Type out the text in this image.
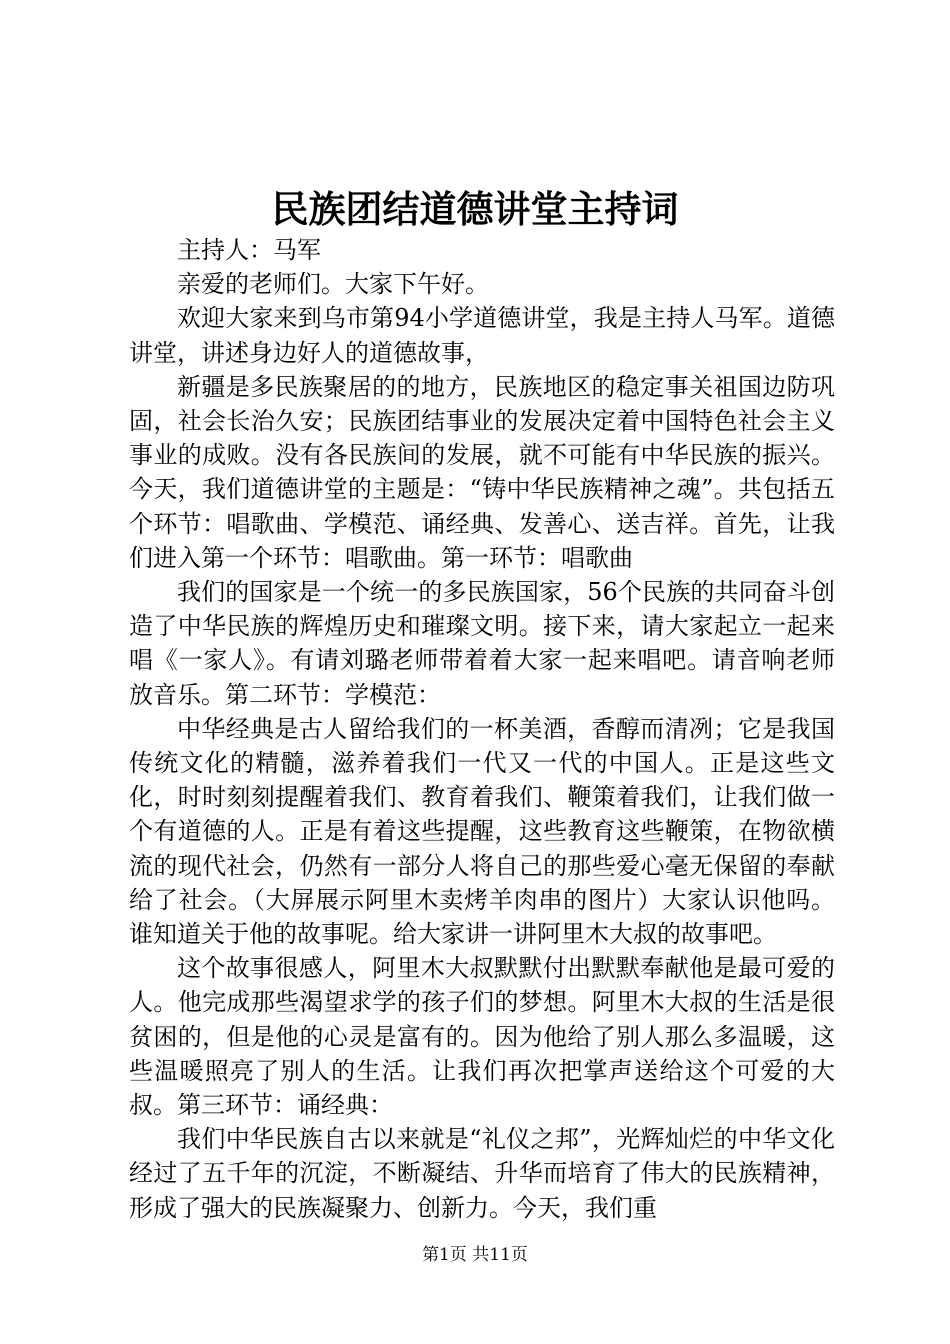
民族团结道德讲堂主持词

主持人：马军

亲爱的老师们。大家下午好。

欢迎大家来到乌市第94小学道德讲堂，我是主持人马军。道德讲堂，讲述身边好人的道德故事，

新疆是多民族聚居的的地方，民族地区的稳定事关祖国边防巩固，社会长治久安；民族团结事业的发展决定着中国特色社会主义事业的成败。没有各民族间的发展，就不可能有中华民族的振兴。今天，我们道德讲堂的主题是：“铸中华民族精神之魂”。共包括五个环节：唱歌曲、学模范、诵经典、发善心、送吉祥。首先，让我们进入第一个环节：唱歌曲。第一环节：唱歌曲

我们的国家是一个统一的多民族国家，56个民族的共同奋斗创造了中华民族的辉煌历史和璀璨文明。接下来，请大家起立一起来唱《一家人》。有请刘璐老师带着着大家一起来唱吧。请音响老师放音乐。第二环节：学模范：

中华经典是古人留给我们的一杯美酒，香醇而清冽；它是我国传统文化的精髓，滋养着我们一代又一代的中国人。正是这些文化，时时刻刻提醒着我们、教育着我们、鞭策着我们，让我们做一个有道德的人。正是有着这些提醒，这些教育这些鞭策，在物欲横流的现代社会，仍然有一部分人将自己的那些爱心毫无保留的奉献给了社会。（大屏展示阿里木卖烤羊肉串的图片）大家认识他吗。谁知道关于他的故事呢。给大家讲一讲阿里木大叔的故事吧。

这个故事很感人，阿里木大叔默默付出默默奉献他是最可爱的人。他完成那些渴望求学的孩子们的梦想。阿里木大叔的生活是很贫困的，但是他的心灵是富有的。因为他给了别人那么多温暖，这些温暖照亮了别人的生活。让我们再次把掌声送给这个可爱的大叔。第三环节：诵经典：

我们中华民族自古以来就是“礼仪之邦”，光辉灿烂的中华文化经过了五千年的沉淀，不断凝结、升华而培育了伟大的民族精神，形成了强大的民族凝聚力、创新力。今天，我们重

第1页 共11页
